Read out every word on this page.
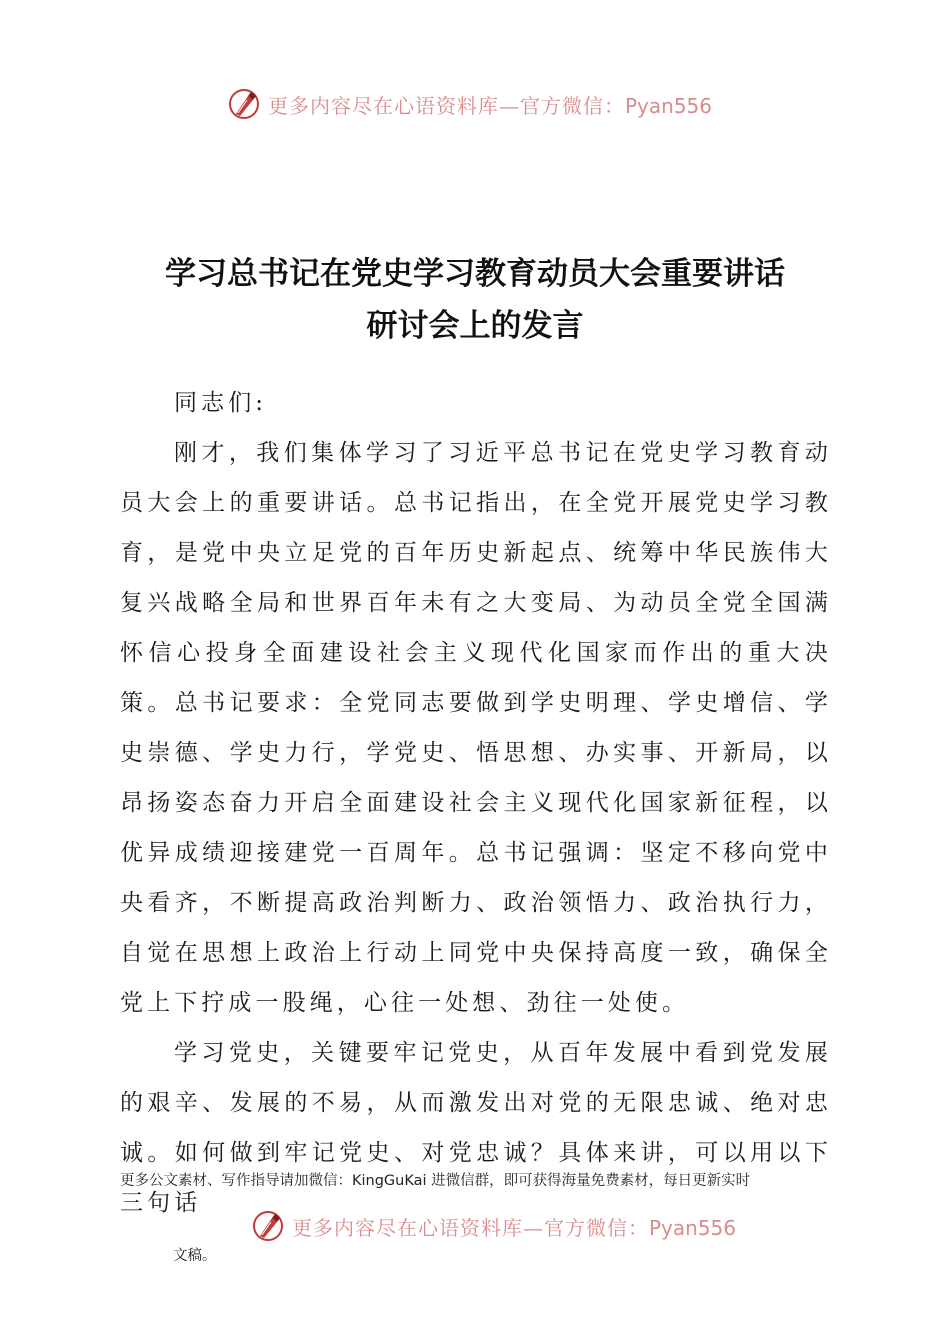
更多内容尽在心语资料库—官方微信：Pyan556
学习总书记在党史学习教育动员大会重要讲话
研讨会上的发言

同志们:

刚才，我们集体学习了习近平总书记在党史学习教育动员大会上的重要讲话。总书记指出，在全党开展党史学习教育，是党中央立足党的百年历史新起点、统筹中华民族伟大复兴战略全局和世界百年未有之大变局、为动员全党全国满怀信心投身全面建设社会主义现代化国家而作出的重大决策。总书记要求：全党同志要做到学史明理、学史增信、学史崇德、学史力行，学党史、悟思想、办实事、开新局，以昂扬姿态奋力开启全面建设社会主义现代化国家新征程，以优异成绩迎接建党一百周年。总书记强调：坚定不移向党中央看齐，不断提高政治判断力、政治领悟力、政治执行力，自觉在思想上政治上行动上同党中央保持高度一致，确保全党上下拧成一股绳，心往一处想、劲往一处使。

学习党史，关键要牢记党史，从百年发展中看到党发展的艰辛、发展的不易，从而激发出对党的无限忠诚、绝对忠诚。如何做到牢记党史、对党忠诚？具体来讲，可以用以下三句话

更多公文素材、写作指导请加微信：KingGuKai 进微信群，即可获得海量免费素材，每日更新实时
更多内容尽在心语资料库—官方微信：Pyan556
文稿。
